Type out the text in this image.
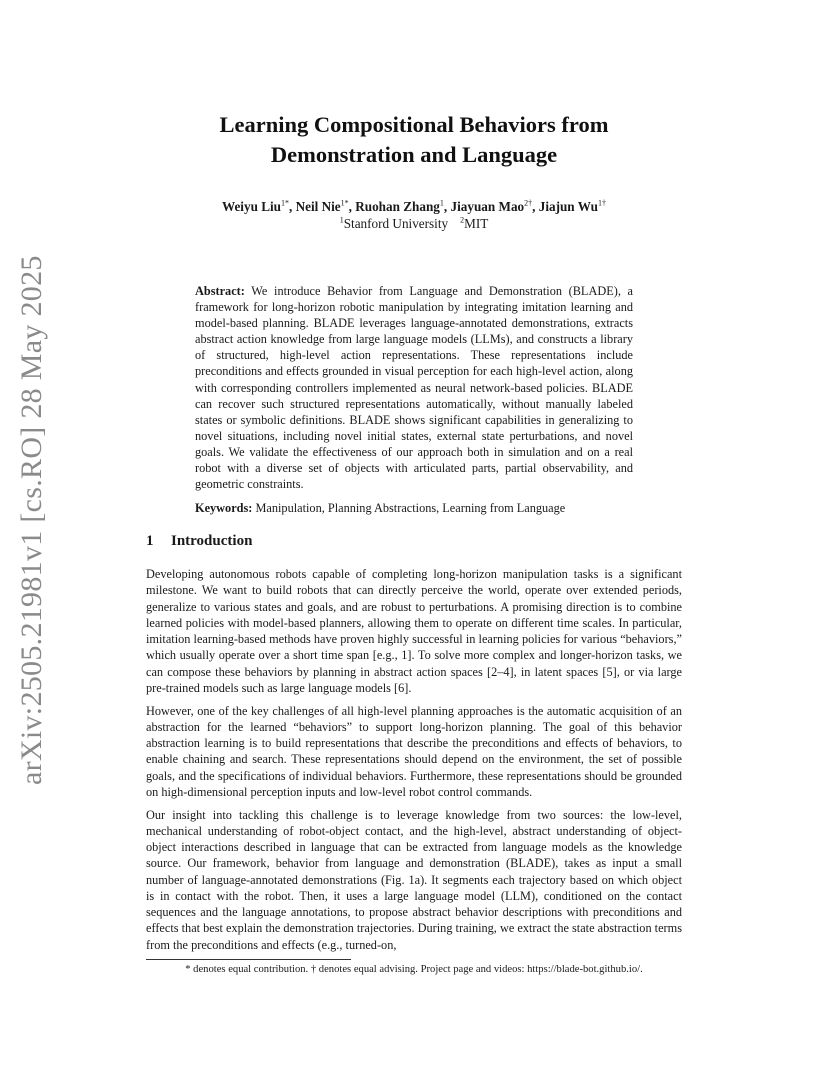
arXiv:2505.21981v1 [cs.RO] 28 May 2025
Learning Compositional Behaviors from Demonstration and Language
Weiyu Liu$^{1*}$, Neil Nie$^{1*}$, Ruohan Zhang$^1$, Jiayuan Mao$^{2\dagger}$, Jiajun $Wu^{1\dagger}$
$^1$Stanford University $^2$MIT
Abstract: We introduce Behavior from Language and Demonstration (BLADE), a framework for long-horizon robotic manipulation by integrating imitation learning and model-based planning. BLADE leverages language-annotated demonstrations, extracts abstract action knowledge from large language models (LLMs), and constructs a library of structured, high-level action representations. These representations include preconditions and effects grounded in visual perception for each high-level action, along with corresponding controllers implemented as neural network-based policies. BLADE can recover such structured representations automatically, without manually labeled states or symbolic definitions. BLADE shows significant capabilities in generalizing to novel situations, including novel initial states, external state perturbations, and novel goals. We validate the effectiveness of our approach both in simulation and on a real robot with a diverse set of objects with articulated parts, partial observability, and geometric constraints.
Keywords: Manipulation, Planning Abstractions, Learning from Language
1 Introduction

Developing autonomous robots capable of completing long-horizon manipulation tasks is a significant milestone. We want to build robots that can directly perceive the world, operate over extended periods, generalize to various states and goals, and are robust to perturbations. A promising direction is to combine learned policies with model-based planners, allowing them to operate on different time scales. In particular, imitation learning-based methods have proven highly successful in learning policies for various “behaviors,” which usually operate over a short time span [e.g., 1]. To solve more complex and longer-horizon tasks, we can compose these behaviors by planning in abstract action spaces [2–4], in latent spaces [5], or via large pre-trained models such as large language models [6].

However, one of the key challenges of all high-level planning approaches is the automatic acquisition of an abstraction for the learned “behaviors” to support long-horizon planning. The goal of this behavior abstraction learning is to build representations that describe the preconditions and effects of behaviors, to enable chaining and search. These representations should depend on the environment, the set of possible goals, and the specifications of individual behaviors. Furthermore, these representations should be grounded on high-dimensional perception inputs and low-level robot control commands.

Our insight into tackling this challenge is to leverage knowledge from two sources: the low-level, mechanical understanding of robot-object contact, and the high-level, abstract understanding of object-object interactions described in language that can be extracted from language models as the knowledge source. Our framework, behavior from language and demonstration (BLADE), takes as input a small number of language-annotated demonstrations (Fig. 1a). It segments each trajectory based on which object is in contact with the robot. Then, it uses a large language model (LLM), conditioned on the contact sequences and the language annotations, to propose abstract behavior descriptions with preconditions and effects that best explain the demonstration trajectories. During training, we extract the state abstraction terms from the preconditions and effects (e.g., turned-on,

* denotes equal contribution. † denotes equal advising. Project page and videos: https://blade-bot.github.io/.
